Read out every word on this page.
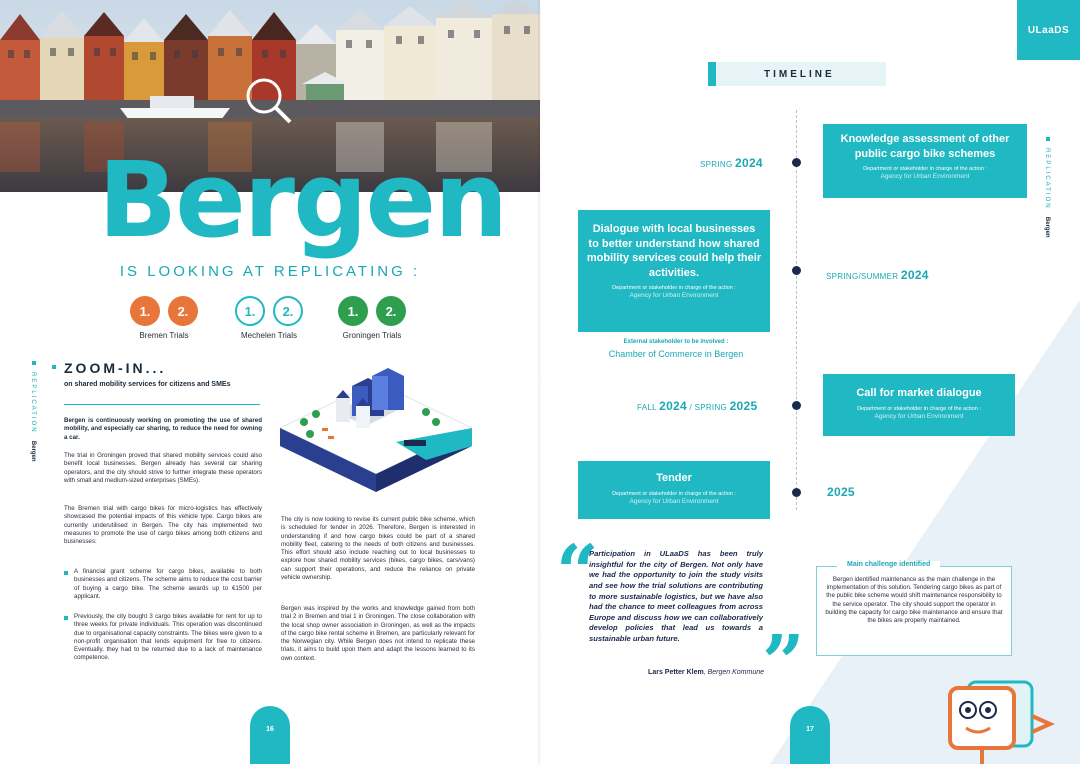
Bergen
IS LOOKING AT REPLICATING :
1.	2.
Bremen Trials
1.	2.
Mechelen Trials
1.	2.
Groningen Trials
REPLICATION  Bergen
ZOOM-IN...
on shared mobility services for citizens and SMEs
Bergen is continuously working on promoting the use of shared mobility, and especially car sharing, to reduce the need for owning a car.
The trial in Groningen proved that shared mobility services could also benefit local businesses. Bergen already has several car sharing operators, and the city should strive to further integrate these operators with small and medium-sized enterprises (SMEs).
The Bremen trial with cargo bikes for micro-logistics has effectively showcased the potential impacts of this vehicle type. Cargo bikes are currently underutilised in Bergen. The city has implemented two measures to promote the use of cargo bikes among both citizens and businesses:
A financial grant scheme for cargo bikes, available to both businesses and citizens. The scheme aims to reduce the cost barrier of buying a cargo bike. The scheme awards up to €1500 per applicant.
Previously, the city bought 3 cargo bikes available for rent for up to three weeks for private individuals. This operation was discontinued due to organisational capacity constraints. The bikes were given to a non-profit organisation that lends equipment for free to citizens. Eventually, they had to be returned due to a lack of maintenance competence.
The city is now looking to revise its current public bike scheme, which is scheduled for tender in 2026. Therefore, Bergen is interested in understanding if and how cargo bikes could be part of a shared mobility fleet, catering to the needs of both citizens and businesses. This effort should also include reaching out to local businesses to explore how shared mobility services (bikes, cargo bikes, cars/vans) can support their operations, and reduce the reliance on private vehicle ownership.
Bergen was inspired by the works and knowledge gained from both trial 2 in Bremen and trial 1 in Groningen. The close collaboration with the local shop owner association in Groningen, as well as the impacts of the cargo bike rental scheme in Bremen, are particularly relevant for the Norwegian city. While Bergen does not intend to replicate these trials, it aims to build upon them and adapt the lessons learned to its own context.
16
ULaaDS
TIMELINE
REPLICATION  Bergen
SPRING 2024
Knowledge assessment of other public cargo bike schemes
Department or stakeholder in charge of the action :
Agency for Urban Environment
SPRING/SUMMER 2024
Dialogue with local businesses to better understand how shared mobility services could help their activities.
Department or stakeholder in charge of the action :
Agency for Urban Environment
External stakeholder to be involved :
Chamber of Commerce in Bergen
FALL 2024 / SPRING 2025
Call for market dialogue
Department or stakeholder in charge of the action :
Agency for Urban Environment
2025
Tender
Department or stakeholder in charge of the action :
Agency for Urban Environment
“
Participation in ULaaDS has been truly insightful for the city of Bergen. Not only have we had the opportunity to join the study visits and see how the trial solutions are contributing to more sustainable logistics, but we have also had the chance to meet colleagues from across Europe and discuss how we can collaboratively develop policies that lead us towards a sustainable urban future.
Lars Petter Klem, Bergen Kommune
”
Main challenge identified
Bergen identified maintenance as the main challenge in the implementation of this solution. Tendering cargo bikes as part of the public bike scheme would shift maintenance responsibility to the service operator. The city should support the operator in building the capacity for cargo bike maintenance and ensure that the bikes are properly maintained.
17
